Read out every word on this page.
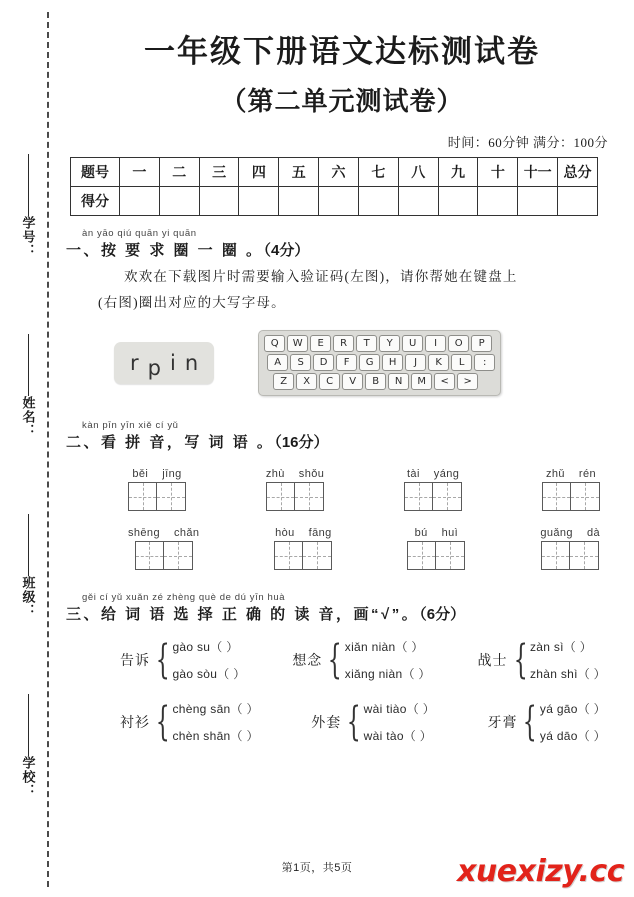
学号：
姓名：
班级：
学校：
一年级下册语文达标测试卷
（第二单元测试卷）
时间：60分钟 满分：100分
题号	一	二	三	四	五	六	七	八	九	十	十一	总分
得分												
àn yāo qiú quān yi quān
一、按 要 求 圈 一 圈 。（4分）
欢欢在下载图片时需要输入验证码(左图)，请你帮她在键盘上
(右图)圈出对应的大写字母。
r p i n
Q	W	E	R	T	Y	U	I	O	P
A	S	D	F	G	H	J	K	L	:
Z	X	C	V	B	N	M	<	>
kàn pīn yīn xiě cí yǔ
二、看 拼 音，写 词 语 。（16分）
běi jīng	zhù shǒu	tài yáng	zhǔ rén
shēng chǎn	hòu fāng	bú huì	guǎng dà
gěi cí yǔ xuǎn zé zhèng què de dú yīn huà
三、给 词 语 选 择 正 确 的 读 音，画“√”。（6分）
告诉 { gào su（ ）
gào sòu（ ）
想念 { xiǎn niàn（ ）
xiǎng niàn（ ）
战士 { zàn sì（ ）
zhàn shì（ ）
衬衫 { chèng sān（ ）
chèn shān（ ）
外套 { wài tiào（ ）
wài tào（ ）
牙膏 { yá gāo（ ）
yá dāo（ ）
第1页，共5页	xuexizy.cc
